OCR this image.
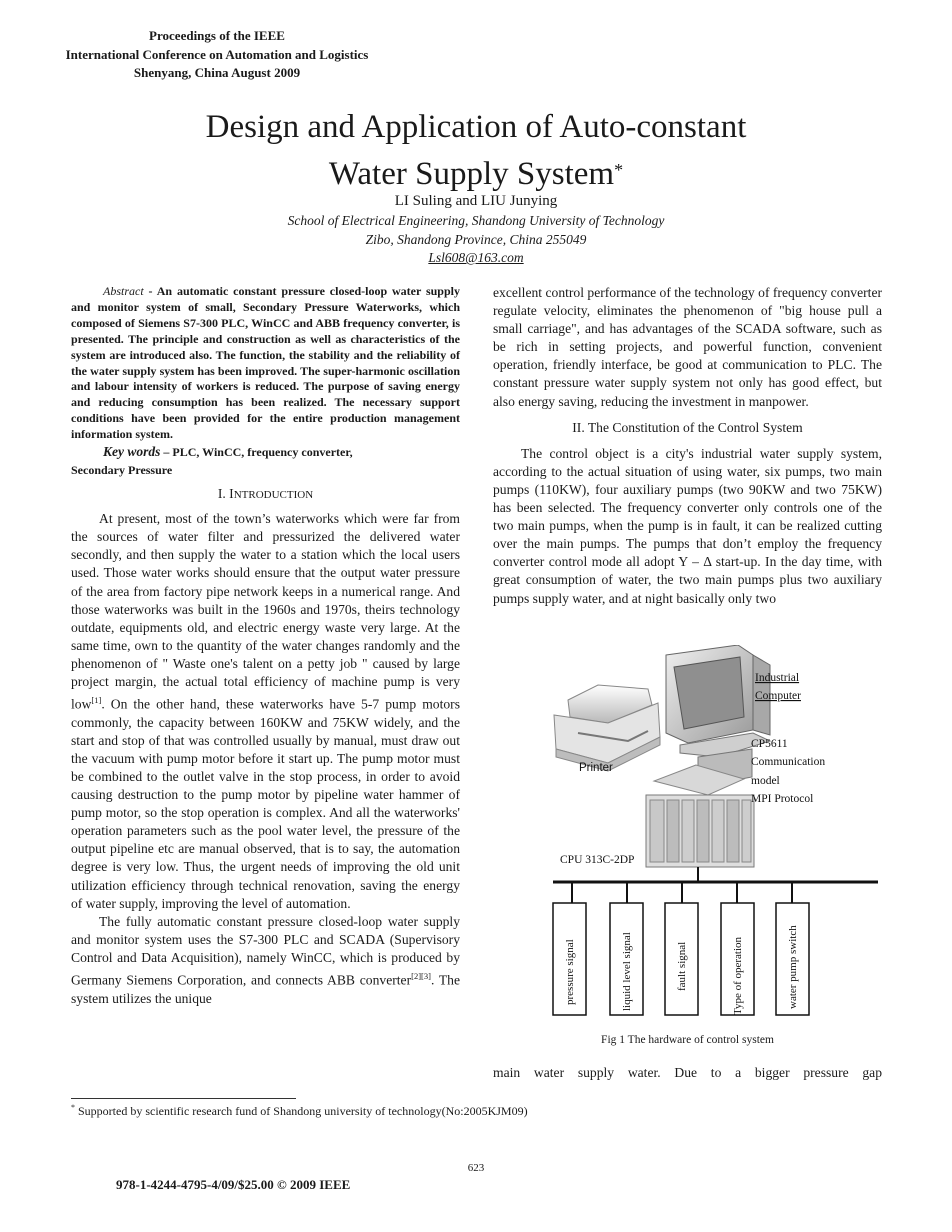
Proceedings of the IEEE
International Conference on Automation and Logistics
Shenyang, China August 2009
Design and Application of Auto-constant
Water Supply System*
LI Suling and LIU Junying
School of Electrical Engineering, Shandong University of Technology
Zibo, Shandong Province, China 255049
Lsl608@163.com

Abstract - An automatic constant pressure closed-loop water supply and monitor system of small, Secondary Pressure Waterworks, which composed of Siemens S7-300 PLC, WinCC and ABB frequency converter, is presented. The principle and construction as well as characteristics of the system are introduced also. The function, the stability and the reliability of the water supply system has been improved. The super-harmonic oscillation and labour intensity of workers is reduced. The purpose of saving energy and reducing consumption has been realized. The necessary support conditions have been provided for the entire production management information system.

Key words – PLC, WinCC, frequency converter,
Secondary Pressure
I. INTRODUCTION

At present, most of the town’s waterworks which were far from the sources of water filter and pressurized the delivered water secondly, and then supply the water to a station which the local users used. Those water works should ensure that the output water pressure of the area from factory pipe network keeps in a numerical range. And those waterworks was built in the 1960s and 1970s, theirs technology outdate, equipments old, and electric energy waste very large. At the same time, own to the quantity of the water changes randomly and the phenomenon of " Waste one's talent on a petty job " caused by large project margin, the actual total efficiency of machine pump is very low[1]. On the other hand, these waterworks have 5-7 pump motors commonly, the capacity between 160KW and 75KW widely, and the start and stop of that was controlled usually by manual, must draw out the vacuum with pump motor before it start up. The pump motor must be combined to the outlet valve in the stop process, in order to avoid causing destruction to the pump motor by pipeline water hammer of pump motor, so the stop operation is complex. And all the waterworks' operation parameters such as the pool water level, the pressure of the output pipeline etc are manual observed, that is to say, the automation degree is very low. Thus, the urgent needs of improving the old unit utilization efficiency through technical renovation, saving the energy of water supply, improving the level of automation.

The fully automatic constant pressure closed-loop water supply and monitor system uses the S7-300 PLC and SCADA (Supervisory Control and Data Acquisition), namely WinCC, which is produced by Germany Siemens Corporation, and connects ABB converter[2][3]. The system utilizes the unique

excellent control performance of the technology of frequency converter regulate velocity, eliminates the phenomenon of "big house pull a small carriage", and has advantages of the SCADA software, such as be rich in setting projects, and powerful function, convenient operation, friendly interface, be good at communication to PLC. The constant pressure water supply system not only has good effect, but also energy saving, reducing the investment in manpower.

II. The Constitution of the Control System

The control object is a city's industrial water supply system, according to the actual situation of using water, six pumps, two main pumps (110KW), four auxiliary pumps (two 90KW and two 75KW) has been selected. The frequency converter only controls one of the two main pumps, when the pump is in fault, it can be realized cutting over the main pumps. The pumps that don’t employ the frequency converter control mode all adopt Y – Δ start-up. In the day time, with great consumption of water, the two main pumps plus two auxiliary pumps supply water, and at night basically only two

pressure signal	liquid level signal	fault signal	Type of operation	water pump switch
Industrial
Computer
CP5611
Communication
model
MPI Protocol
CPU 313C-2DP
Printer
Fig 1 The hardware of control system
main water supply water. Due to a bigger pressure gap
* Supported by scientific research fund of Shandong university of technology(No:2005KJM09)
623
978-1-4244-4795-4/09/$25.00 © 2009 IEEE
